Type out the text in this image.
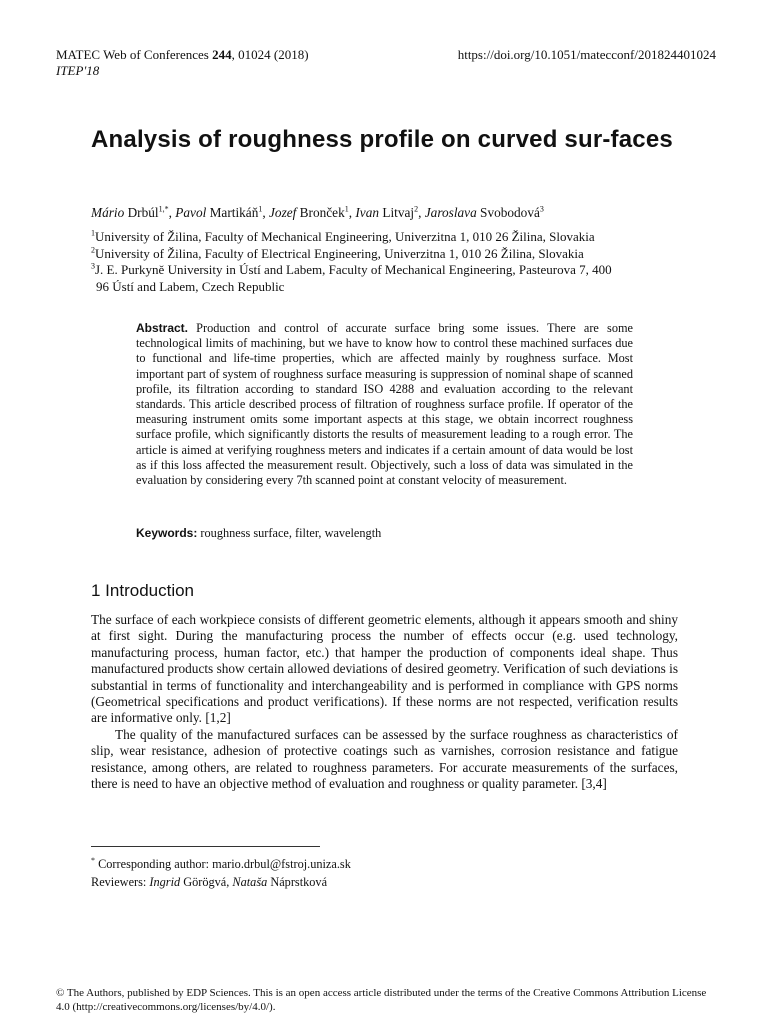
MATEC Web of Conferences 244, 01024 (2018)
ITEP'18
https://doi.org/10.1051/matecconf/201824401024
Analysis of roughness profile on curved sur-faces
Mário Drbúl$^{1,*}$, Pavol Martikáň$^1$, Jozef Bronček$^1$, Ivan Litvaj$^2$, Jaroslava Svobodová$^3$
$^1$University of Žilina, Faculty of Mechanical Engineering, Univerzitna 1, 010 26 Žilina, Slovakia
$^2$University of Žilina, Faculty of Electrical Engineering, Univerzitna 1, 010 26 Žilina, Slovakia
$^3$J. E. Purkyně University in Ústí and Labem, Faculty of Mechanical Engineering, Pasteurova 7, 400
96 Ústí and Labem, Czech Republic
Abstract. Production and control of accurate surface bring some issues. There are some technological limits of machining, but we have to know how to control these machined surfaces due to functional and life-time properties, which are affected mainly by roughness surface. Most important part of system of roughness surface measuring is suppression of nominal shape of scanned profile, its filtration according to standard ISO 4288 and evaluation according to the relevant standards. This article described process of filtration of roughness surface profile. If operator of the measuring instrument omits some important aspects at this stage, we obtain incorrect roughness surface profile, which significantly distorts the results of measurement leading to a rough error. The article is aimed at verifying roughness meters and indicates if a certain amount of data would be lost as if this loss affected the measurement result. Objectively, such a loss of data was simulated in the evaluation by considering every 7th scanned point at constant velocity of measurement.
Keywords: roughness surface, filter, wavelength
1 Introduction

The surface of each workpiece consists of different geometric elements, although it appears smooth and shiny at first sight. During the manufacturing process the number of effects occur (e.g. used technology, manufacturing process, human factor, etc.) that hamper the production of components ideal shape. Thus manufactured products show certain allowed deviations of desired geometry. Verification of such deviations is substantial in terms of functionality and interchangeability and is performed in compliance with GPS norms (Geometrical specifications and product verifications). If these norms are not respected, verification results are informative only. [1,2]

The quality of the manufactured surfaces can be assessed by the surface roughness as characteristics of slip, wear resistance, adhesion of protective coatings such as varnishes, corrosion resistance and fatigue resistance, among others, are related to roughness parameters. For accurate measurements of the surfaces, there is need to have an objective method of evaluation and roughness or quality parameter. [3,4]

* Corresponding author: mario.drbul@fstroj.uniza.sk
Reviewers: Ingrid Görögvá, Nataša Náprstková
© The Authors, published by EDP Sciences. This is an open access article distributed under the terms of the Creative Commons Attribution License 4.0 (http://creativecommons.org/licenses/by/4.0/).
